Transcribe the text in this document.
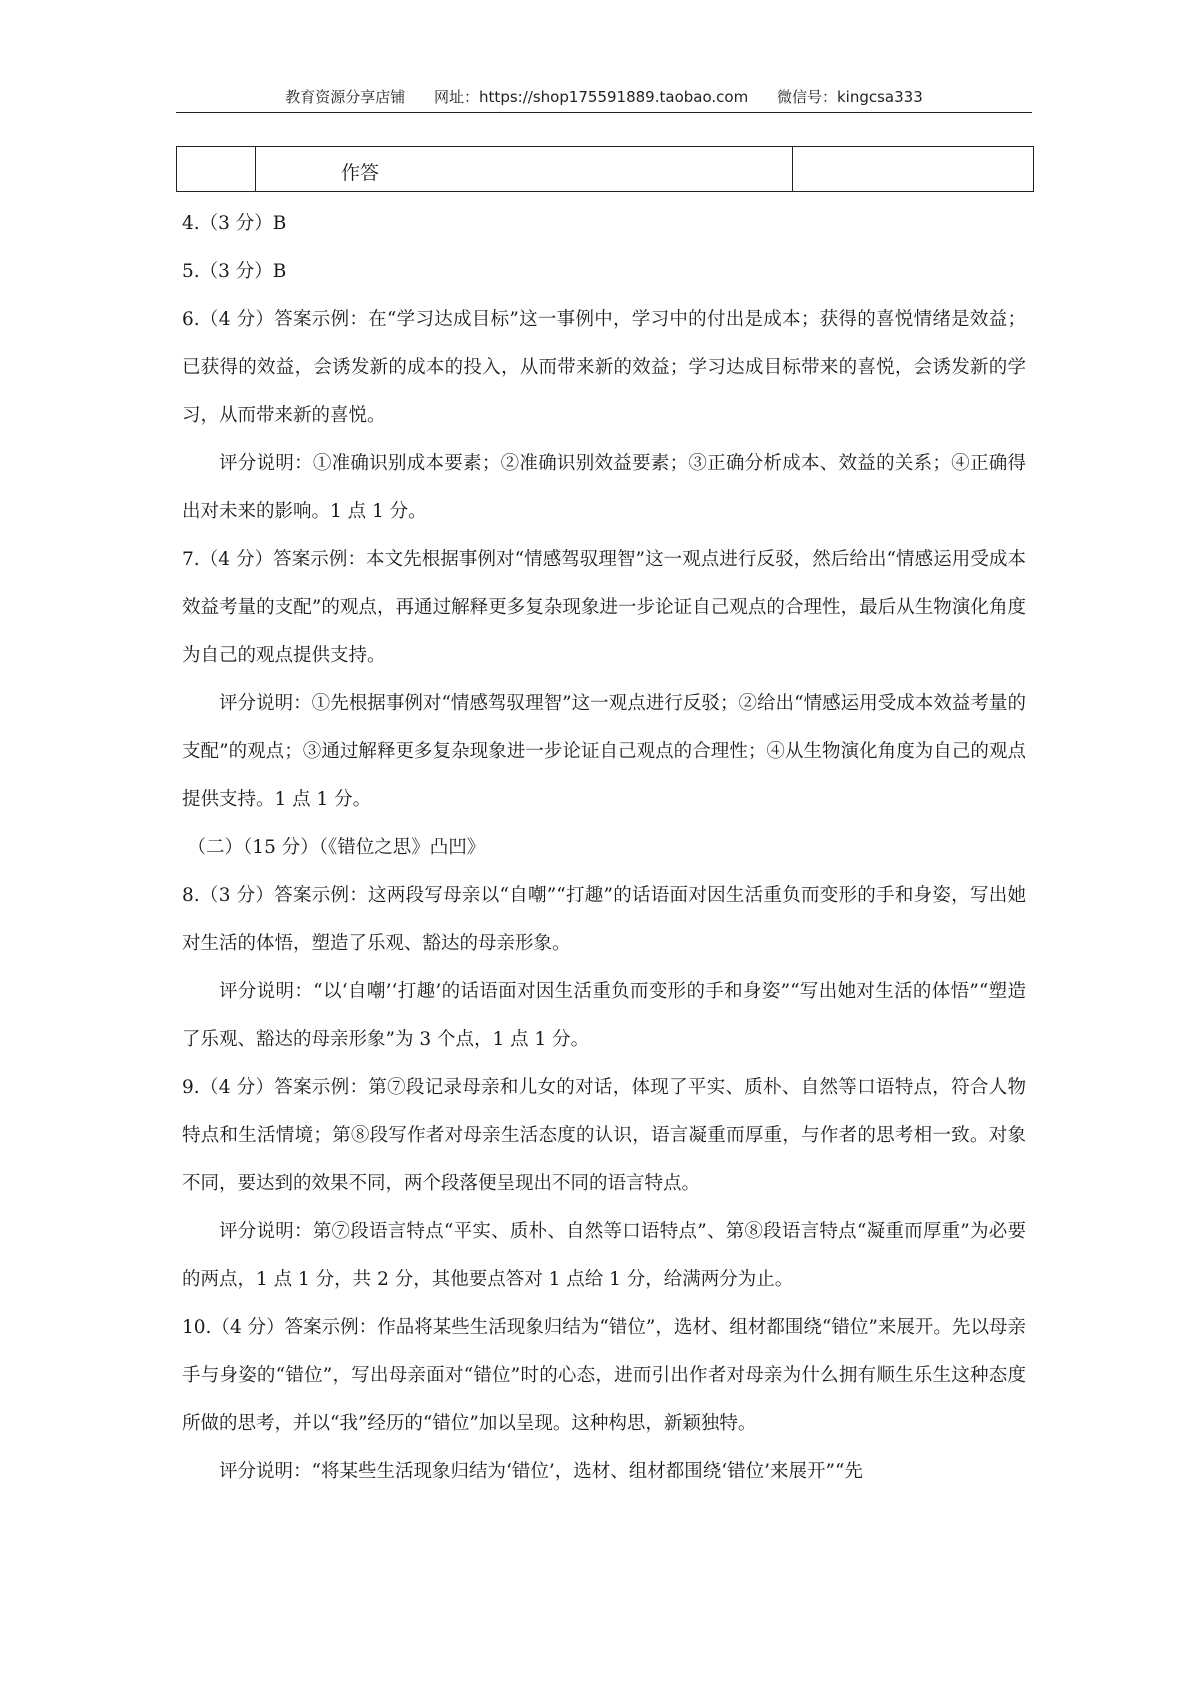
教育资源分享店铺 网址：https://shop175591889.taobao.com 微信号：kingcsa333
作答

4.（3 分）B

5.（3 分）B

6.（4 分）答案示例：在“学习达成目标”这一事例中，学习中的付出是成本；获得的喜悦情绪是效益；已获得的效益，会诱发新的成本的投入，从而带来新的效益；学习达成目标带来的喜悦，会诱发新的学习，从而带来新的喜悦。

评分说明：①准确识别成本要素；②准确识别效益要素；③正确分析成本、效益的关系；④正确得出对未来的影响。1 点 1 分。

7.（4 分）答案示例：本文先根据事例对“情感驾驭理智”这一观点进行反驳，然后给出“情感运用受成本效益考量的支配”的观点，再通过解释更多复杂现象进一步论证自己观点的合理性，最后从生物演化角度为自己的观点提供支持。

评分说明：①先根据事例对“情感驾驭理智”这一观点进行反驳；②给出“情感运用受成本效益考量的支配”的观点；③通过解释更多复杂现象进一步论证自己观点的合理性；④从生物演化角度为自己的观点提供支持。1 点 1 分。

（二）（15 分）（《错位之思》凸凹》

8.（3 分）答案示例：这两段写母亲以“自嘲”“打趣”的话语面对因生活重负而变形的手和身姿，写出她对生活的体悟，塑造了乐观、豁达的母亲形象。

评分说明：“以‘自嘲’‘打趣’的话语面对因生活重负而变形的手和身姿”“写出她对生活的体悟”“塑造了乐观、豁达的母亲形象”为 3 个点，1 点 1 分。

9.（4 分）答案示例：第⑦段记录母亲和儿女的对话，体现了平实、质朴、自然等口语特点，符合人物特点和生活情境；第⑧段写作者对母亲生活态度的认识，语言凝重而厚重，与作者的思考相一致。对象不同，要达到的效果不同，两个段落便呈现出不同的语言特点。

评分说明：第⑦段语言特点“平实、质朴、自然等口语特点”、第⑧段语言特点“凝重而厚重”为必要的两点，1 点 1 分，共 2 分，其他要点答对 1 点给 1 分，给满两分为止。

10.（4 分）答案示例：作品将某些生活现象归结为“错位”，选材、组材都围绕“错位”来展开。先以母亲手与身姿的“错位”，写出母亲面对“错位”时的心态，进而引出作者对母亲为什么拥有顺生乐生这种态度所做的思考，并以“我”经历的“错位”加以呈现。这种构思，新颖独特。

评分说明：“将某些生活现象归结为‘错位’，选材、组材都围绕‘错位’来展开”“先
